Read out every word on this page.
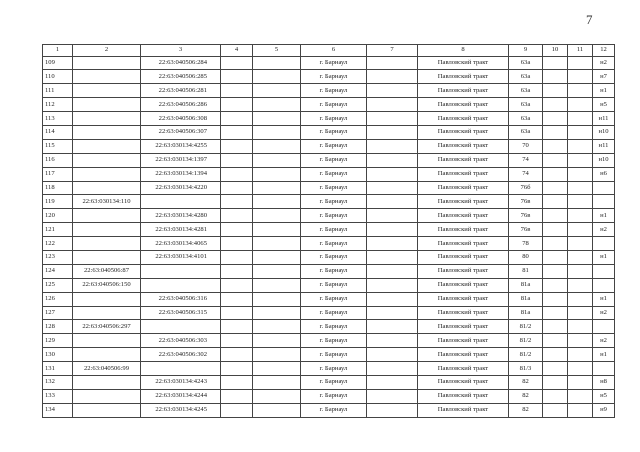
7
1	2	3	4	5	6	7	8	9	10	11	12
109		22:63:040506:284			г. Барнаул		Павловский тракт	63а			н2
110		22:63:040506:285			г. Барнаул		Павловский тракт	63а			н7
111		22:63:040506:281			г. Барнаул		Павловский тракт	63а			н1
112		22:63:040506:286			г. Барнаул		Павловский тракт	63а			н5
113		22:63:040506:308			г. Барнаул		Павловский тракт	63а			н11
114		22:63:040506:307			г. Барнаул		Павловский тракт	63а			н10
115		22:63:030134:4255			г. Барнаул		Павловский тракт	70			н11
116		22:63:030134:1397			г. Барнаул		Павловский тракт	74			н10
117		22:63:030134:1394			г. Барнаул		Павловский тракт	74			н6
118		22:63:030134:4220			г. Барнаул		Павловский тракт	76б			
119	22:63:030134:110				г. Барнаул		Павловский тракт	76в			
120		22:63:030134:4280			г. Барнаул		Павловский тракт	76в			н1
121		22:63:030134:4281			г. Барнаул		Павловский тракт	76в			н2
122		22:63:030134:4065			г. Барнаул		Павловский тракт	78			
123		22:63:030134:4101			г. Барнаул		Павловский тракт	80			н1
124	22:63:040506:87				г. Барнаул		Павловский тракт	81			
125	22:63:040506:150				г. Барнаул		Павловский тракт	81а			
126		22:63:040506:316			г. Барнаул		Павловский тракт	81а			н1
127		22:63:040506:315			г. Барнаул		Павловский тракт	81а			н2
128	22:63:040506:297				г. Барнаул		Павловский тракт	81/2			
129		22:63:040506:303			г. Барнаул		Павловский тракт	81/2			н2
130		22:63:040506:302			г. Барнаул		Павловский тракт	81/2			н1
131	22:63:040506:99				г. Барнаул		Павловский тракт	81/3			
132		22:63:030134:4243			г. Барнаул		Павловский тракт	82			н8
133		22:63:030134:4244			г. Барнаул		Павловский тракт	82			н5
134		22:63:030134:4245			г. Барнаул		Павловский тракт	82			н9
